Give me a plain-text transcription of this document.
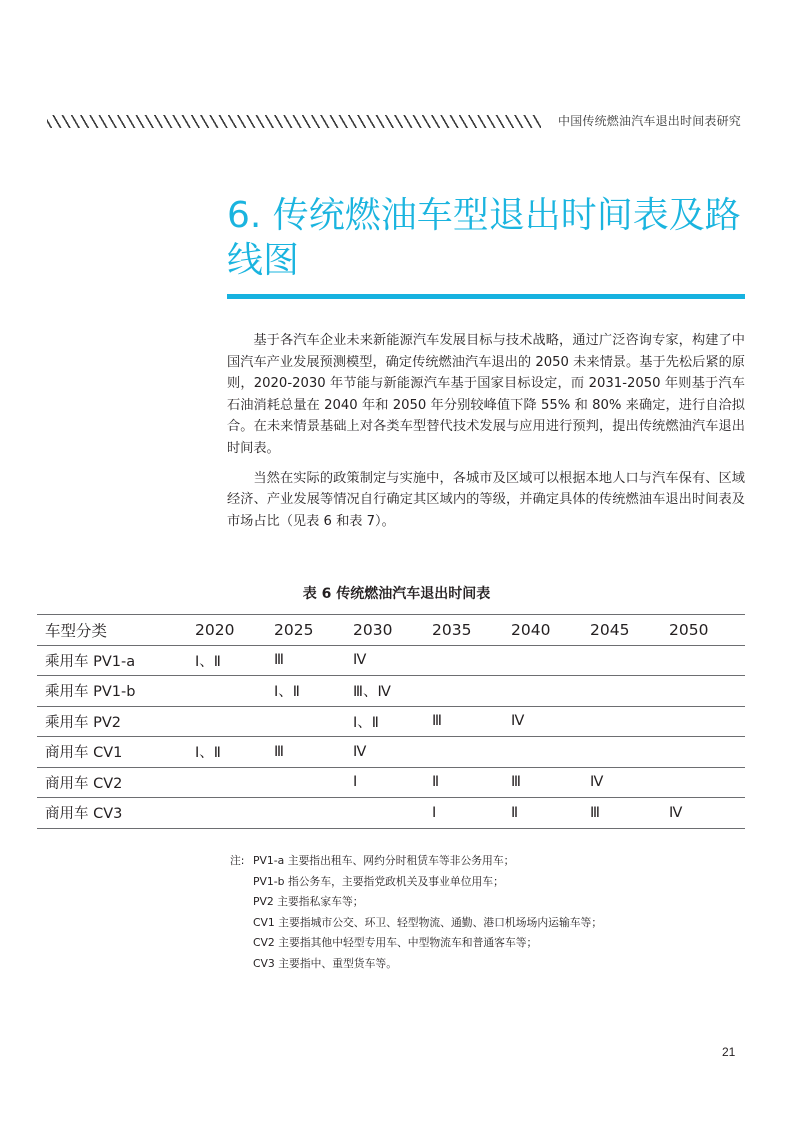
中国传统燃油汽车退出时间表研究
6. 传统燃油车型退出时间表及路线图

基于各汽车企业未来新能源汽车发展目标与技术战略，通过广泛咨询专家，构建了中国汽车产业发展预测模型，确定传统燃油汽车退出的 2050 未来情景。基于先松后紧的原则，2020-2030 年节能与新能源汽车基于国家目标设定，而 2031-2050 年则基于汽车石油消耗总量在 2040 年和 2050 年分别较峰值下降 55% 和 80% 来确定，进行自洽拟合。在未来情景基础上对各类车型替代技术发展与应用进行预判，提出传统燃油汽车退出时间表。

当然在实际的政策制定与实施中，各城市及区域可以根据本地人口与汽车保有、区域经济、产业发展等情况自行确定其区域内的等级，并确定具体的传统燃油车退出时间表及市场占比（见表 6 和表 7）。

表 6 传统燃油汽车退出时间表
车型分类	2020	2025	2030	2035	2040	2045	2050
乘用车 PV1-a	Ⅰ、Ⅱ	Ⅲ	Ⅳ				
乘用车 PV1-b		Ⅰ、Ⅱ	Ⅲ、Ⅳ				
乘用车 PV2			Ⅰ、Ⅱ	Ⅲ	Ⅳ		
商用车 CV1	Ⅰ、Ⅱ	Ⅲ	Ⅳ				
商用车 CV2			Ⅰ	Ⅱ	Ⅲ	Ⅳ	
商用车 CV3				Ⅰ	Ⅱ	Ⅲ	Ⅳ
注: PV1-a 主要指出租车、网约分时租赁车等非公务用车；
PV1-b 指公务车，主要指党政机关及事业单位用车；
PV2 主要指私家车等；
CV1 主要指城市公交、环卫、轻型物流、通勤、港口机场场内运输车等；
CV2 主要指其他中轻型专用车、中型物流车和普通客车等；
CV3 主要指中、重型货车等。
21
